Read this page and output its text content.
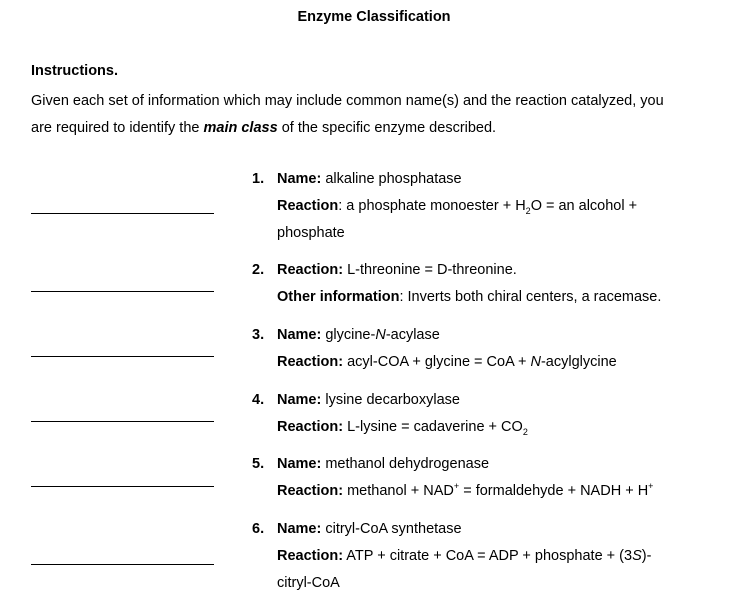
Enzyme Classification
Instructions.
Given each set of information which may include common name(s) and the reaction catalyzed, you
are required to identify the main class of the specific enzyme described.
1. Name: alkaline phosphatase
Reaction: a phosphate monoester + $H_2O$ = an alcohol +
phosphate
2. Reaction: L-threonine = D-threonine.
Other information: Inverts both chiral centers, a racemase.
3. Name: glycine-N-acylase
Reaction: acyl-COA + glycine = CoA + N-acylglycine
4. Name: lysine decarboxylase
Reaction: L-lysine = cadaverine + $CO_2$
5. Name: methanol dehydrogenase
Reaction: methanol + NAD+ = formaldehyde + NADH + H+
6. Name: citryl-CoA synthetase
Reaction: ATP + citrate + CoA = ADP + phosphate + (3S)-
citryl-CoA
